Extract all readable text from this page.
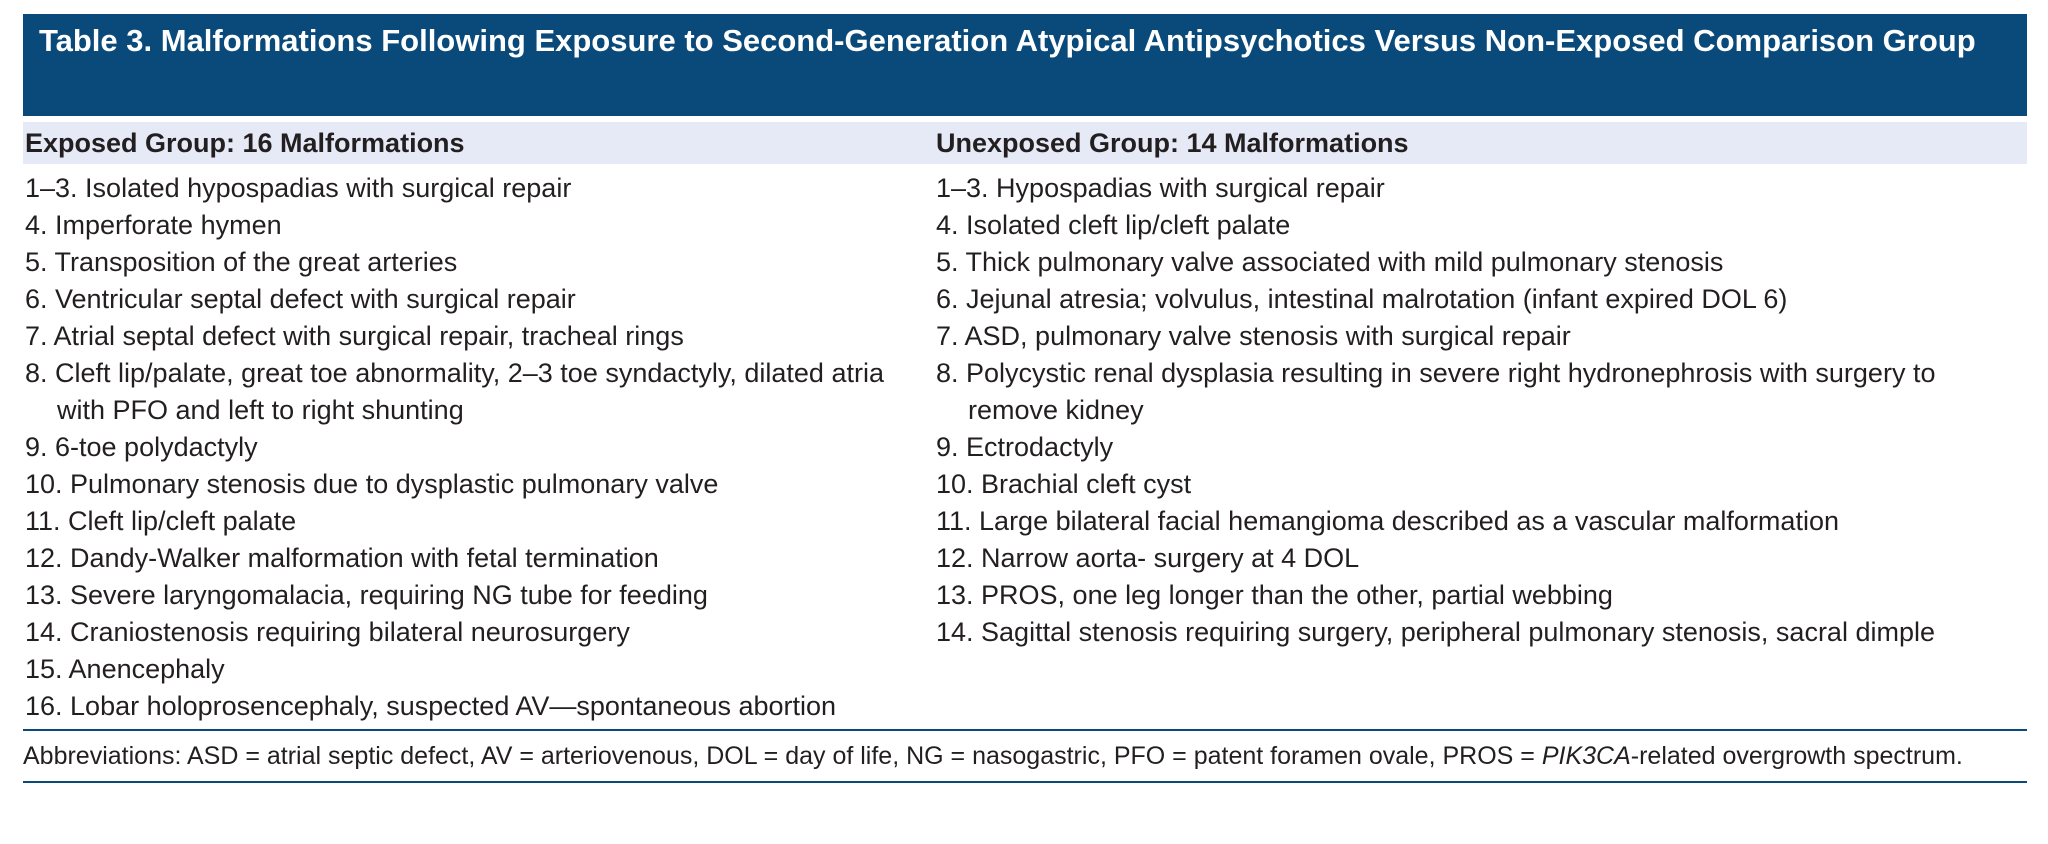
Table 3. Malformations Following Exposure to Second-Generation Atypical Antipsychotics Versus Non-Exposed Comparison Group
Exposed Group: 16 Malformations	Unexposed Group: 14 Malformations
1–3. Isolated hypospadias with surgical repair
4. Imperforate hymen
5. Transposition of the great arteries
6. Ventricular septal defect with surgical repair
7. Atrial septal defect with surgical repair, tracheal rings
8. Cleft lip/palate, great toe abnormality, 2–3 toe syndactyly, dilated atria with PFO and left to right shunting
9. 6-toe polydactyly
10. Pulmonary stenosis due to dysplastic pulmonary valve
11. Cleft lip/cleft palate
12. Dandy-Walker malformation with fetal termination
13. Severe laryngomalacia, requiring NG tube for feeding
14. Craniostenosis requiring bilateral neurosurgery
15. Anencephaly
16. Lobar holoprosencephaly, suspected AV—spontaneous abortion
1–3. Hypospadias with surgical repair
4. Isolated cleft lip/cleft palate
5. Thick pulmonary valve associated with mild pulmonary stenosis
6. Jejunal atresia; volvulus, intestinal malrotation (infant expired DOL 6)
7. ASD, pulmonary valve stenosis with surgical repair
8. Polycystic renal dysplasia resulting in severe right hydronephrosis with surgery to remove kidney
9. Ectrodactyly
10. Brachial cleft cyst
11. Large bilateral facial hemangioma described as a vascular malformation
12. Narrow aorta- surgery at 4 DOL
13. PROS, one leg longer than the other, partial webbing
14. Sagittal stenosis requiring surgery, peripheral pulmonary stenosis, sacral dimple
Abbreviations: ASD = atrial septic defect, AV = arteriovenous, DOL = day of life, NG = nasogastric, PFO = patent foramen ovale, PROS = PIK3CA-related overgrowth spectrum.
